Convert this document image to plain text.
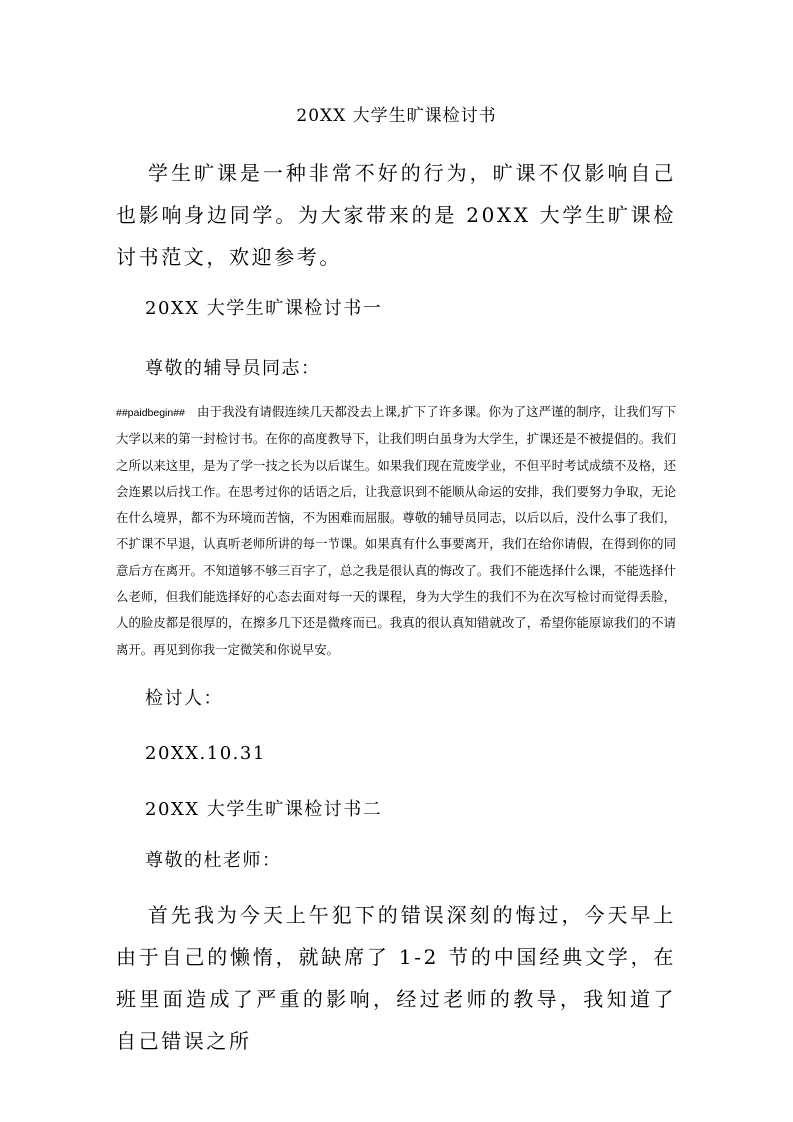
20XX 大学生旷课检讨书

学生旷课是一种非常不好的行为，旷课不仅影响自己也影响身边同学。为大家带来的是 20XX 大学生旷课检讨书范文，欢迎参考。

20XX 大学生旷课检讨书一

尊敬的辅导员同志：

##paidbegin## 由于我没有请假连续几天都没去上课,扩下了许多课。你为了这严谨的制序，让我们写下大学以来的第一封检讨书。在你的高度教导下，让我们明白虽身为大学生，扩课还是不被提倡的。我们之所以来这里，是为了学一技之长为以后谋生。如果我们现在荒废学业，不但平时考试成绩不及格，还会连累以后找工作。在思考过你的话语之后，让我意识到不能顺从命运的安排，我们要努力争取，无论在什么境界，都不为环境而苦恼，不为困难而屈服。尊敬的辅导员同志，以后以后，没什么事了我们，不扩课不早退，认真听老师所讲的每一节课。如果真有什么事要离开，我们在给你请假，在得到你的同意后方在离开。不知道够不够三百字了，总之我是很认真的悔改了。我们不能选择什么课，不能选择什么老师，但我们能选择好的心态去面对每一天的课程，身为大学生的我们不为在次写检讨而觉得丢脸，人的脸皮都是很厚的，在擦多几下还是微疼而已。我真的很认真知错就改了，希望你能原谅我们的不请离开。再见到你我一定微笑和你说早安。

检讨人：

20XX.10.31

20XX 大学生旷课检讨书二

尊敬的杜老师：

首先我为今天上午犯下的错误深刻的悔过，今天早上由于自己的懒惰，就缺席了 1-2 节的中国经典文学，在班里面造成了严重的影响，经过老师的教导，我知道了自己错误之所
